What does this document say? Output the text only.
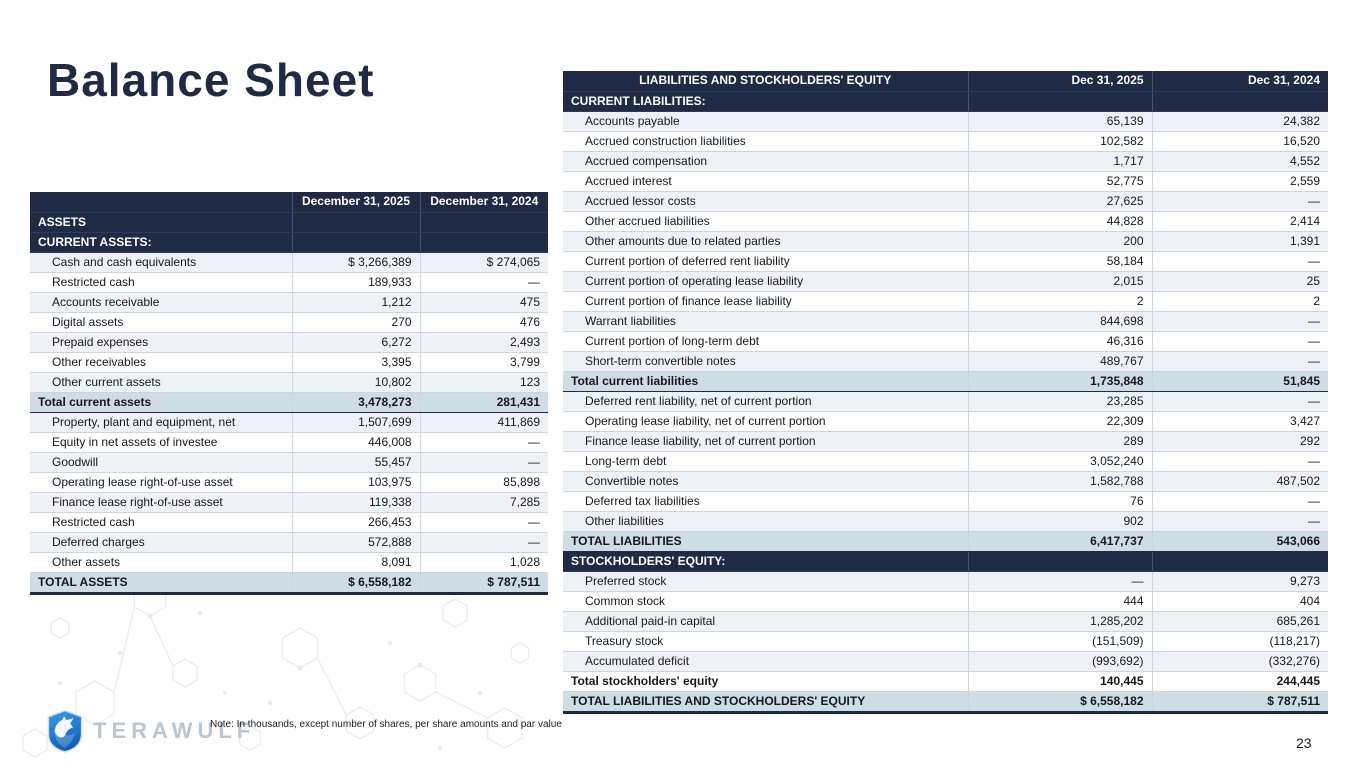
Balance Sheet
	December 31, 2025	December 31, 2024
ASSETS		
CURRENT ASSETS:		
Cash and cash equivalents	$ 3,266,389	$ 274,065
Restricted cash	189,933	—
Accounts receivable	1,212	475
Digital assets	270	476
Prepaid expenses	6,272	2,493
Other receivables	3,395	3,799
Other current assets	10,802	123
Total current assets	3,478,273	281,431
Property, plant and equipment, net	1,507,699	411,869
Equity in net assets of investee	446,008	—
Goodwill	55,457	—
Operating lease right-of-use asset	103,975	85,898
Finance lease right-of-use asset	119,338	7,285
Restricted cash	266,453	—
Deferred charges	572,888	—
Other assets	8,091	1,028
TOTAL ASSETS	$ 6,558,182	$ 787,511
LIABILITIES AND STOCKHOLDERS' EQUITY	Dec 31, 2025	Dec 31, 2024
CURRENT LIABILITIES:		
Accounts payable	65,139	24,382
Accrued construction liabilities	102,582	16,520
Accrued compensation	1,717	4,552
Accrued interest	52,775	2,559
Accrued lessor costs	27,625	—
Other accrued liabilities	44,828	2,414
Other amounts due to related parties	200	1,391
Current portion of deferred rent liability	58,184	—
Current portion of operating lease liability	2,015	25
Current portion of finance lease liability	2	2
Warrant liabilities	844,698	—
Current portion of long-term debt	46,316	—
Short-term convertible notes	489,767	—
Total current liabilities	1,735,848	51,845
Deferred rent liability, net of current portion	23,285	—
Operating lease liability, net of current portion	22,309	3,427
Finance lease liability, net of current portion	289	292
Long-term debt	3,052,240	—
Convertible notes	1,582,788	487,502
Deferred tax liabilities	76	—
Other liabilities	902	—
TOTAL LIABILITIES	6,417,737	543,066
STOCKHOLDERS' EQUITY:		
Preferred stock	—	9,273
Common stock	444	404
Additional paid-in capital	1,285,202	685,261
Treasury stock	(151,509)	(118,217)
Accumulated deficit	(993,692)	(332,276)
Total stockholders' equity	140,445	244,445
TOTAL LIABILITIES AND STOCKHOLDERS' EQUITY	$ 6,558,182	$ 787,511
TERAWULF
Note: In thousands, except number of shares, per share amounts and par value
23
